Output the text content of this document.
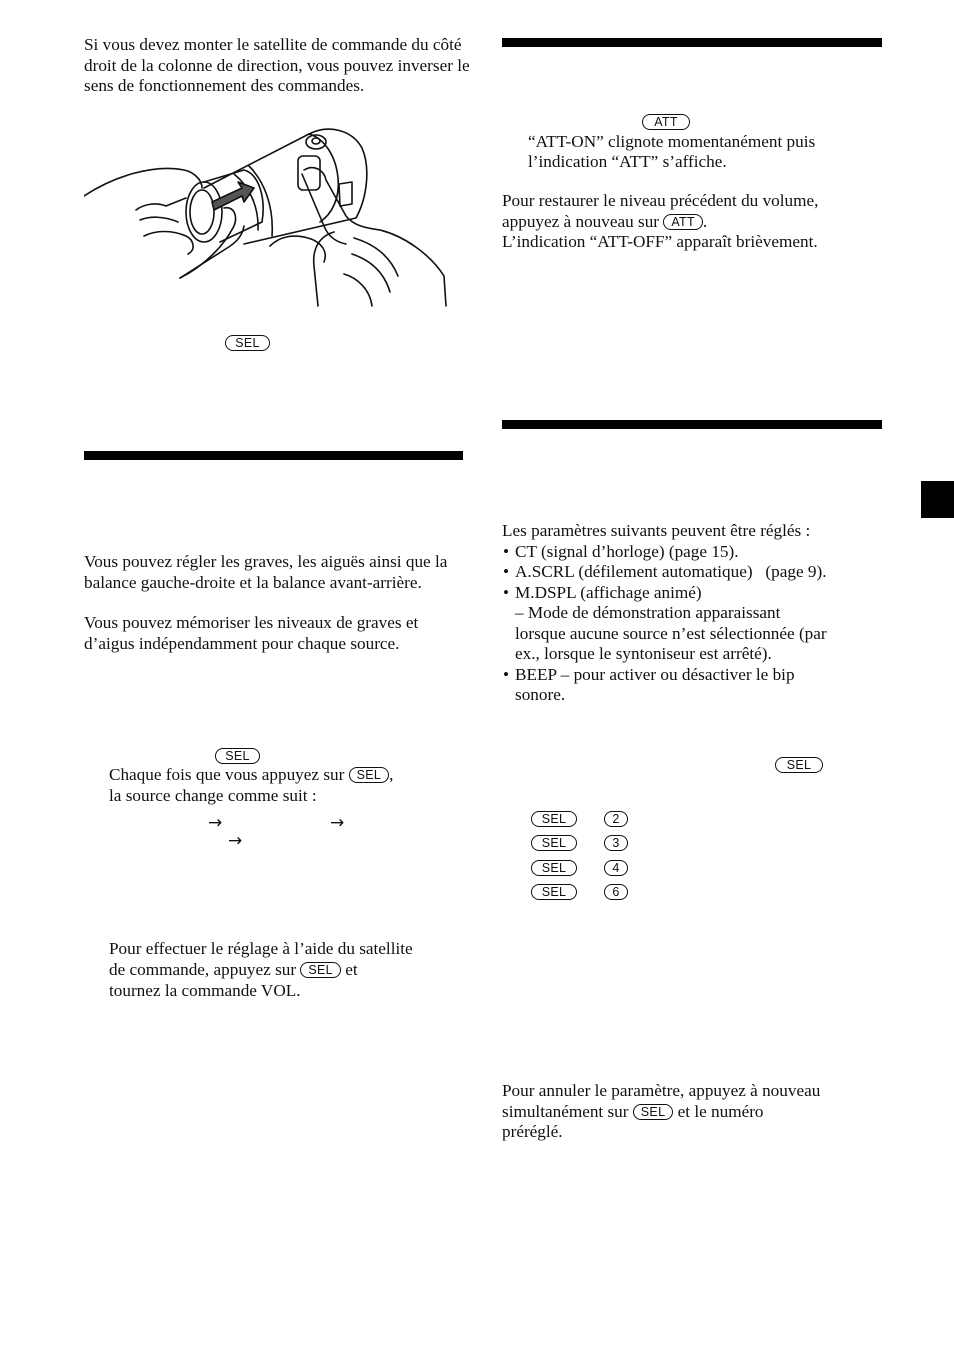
Si vous devez monter le satellite de commande du côté droit de la colonne de direction, vous pouvez inverser le sens de fonctionnement des commandes.

SEL

Vous pouvez régler les graves, les aiguës ainsi que la balance gauche-droite et la balance avant-arrière.

Vous pouvez mémoriser les niveaux de graves et d’aigus indépendamment pour chaque source.

SEL
Chaque fois que vous appuyez sur SEL ,
la source change comme suit :
→	→
→
Pour effectuer le réglage à l’aide du satellite
de commande, appuyez sur SEL et
tournez la commande VOL.
ATT
“ATT-ON” clignote momentanément puis
l’indication “ATT” s’affiche.
Pour restaurer le niveau précédent du volume,
appuyez à nouveau sur ATT .
L’indication “ATT-OFF” apparaît brièvement.
Les paramètres suivants peuvent être réglés :
• CT (signal d’horloge) (page 15).
• A.SCRL (défilement automatique)   (page 9).
• M.DSPL (affichage animé)
– Mode de démonstration apparaissant
lorsque aucune source n’est sélectionnée (par
ex., lorsque le syntoniseur est arrêté).
• BEEP – pour activer ou désactiver le bip
sonore.
SEL
SEL	2
SEL	3
SEL	4
SEL	6
Pour annuler le paramètre, appuyez à nouveau
simultanément sur SEL et le numéro
préréglé.
